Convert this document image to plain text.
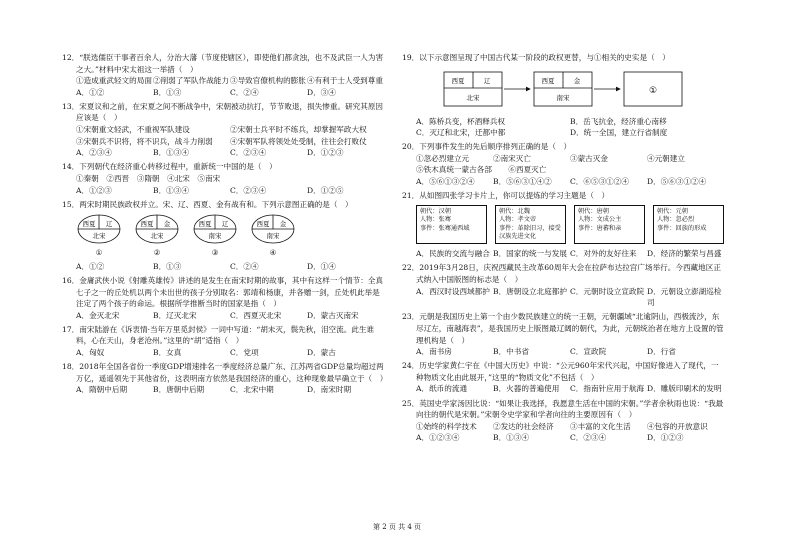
12．“朕选儒臣干事者百余人，分治大藩（节度使辖区），即使他们都贪浊，也不及武臣一人为害之大。”材料中宋太祖这一举措（　）
①造成重武轻文的局面 ②削弱了军队作战能力 ③导致官僚机构的膨胀 ④有利于士人受到尊重
A．①②	B．①③	C．②④	D．③④
13．宋夏议和之前，在宋夏之间不断战争中，宋朝被动抗打，节节败退，损失惨重。研究其原因应该是（　）
①宋朝重文轻武，不重视军队建设	②宋朝士兵平时不练兵，却掌握军政大权
③宋朝兵不识将，将不识兵，战斗力削弱	④宋朝军队将领处处受制，往往会打败仗
A．②③④	B．①③④	C．②③④	D．①②③
14．下列朝代在经济重心转移过程中，重新统一中国的是（　）
①秦朝　②西晋　③隋朝　④北宋　⑤南宋
A．①②③	B．①③④	C．②③④	D．①②⑤
15．两宋时期民族政权并立。宋、辽、西夏、金有战有和。下列示意图正确的是（　）
西夏 辽
北宋
①
西夏 金
北宋
②
西夏 辽
南宋
③
西夏 金
南宋
④
A．①②	B．①③	C．②④	D．①④
16．金庸武侠小说《射雕英雄传》讲述的是发生在南宋时期的故事，其中有这样一个情节：全真七子之一的丘处机以两个未出世的孩子分别取名：郭靖和杨康，并各赠一剑，丘处机此举是注定了两个孩子的命运。根据所学推断当时的国家是指（　）
A．金灭北宋	B．辽灭北宋	C．西夏灭北宋	D．蒙古灭南宋
17．南宋陆游在《诉衷情·当年万里觅封侯》一词中写道：“胡未灭，鬓先秋，泪空流。此生谁料，心在天山，身老沧州。”这里的“胡”适指（　）
A．匈奴	B．女真	C．党项	D．蒙古
18．2018年全国各省份一季度GDP增速排名一季度经济总量广东、江苏两省GDP总量均超过两万亿，遥遥领先于其他省份，这表明南方依然是我国经济的重心，这种现象最早确立于（　）
A．隋朝中后期	B．唐朝中后期	C．北宋中期	D．南宋时期
19．以下示意图呈现了中国古代某一阶段的政权更替，与①相关的史实是（　）
西夏	辽
北宋
西夏	金
南宋
①
A．陈桥兵变，杯酒释兵权	B．岳飞抗金，经济重心南移
C．灭辽和北宋，迁都中都	D．统一全国，建立行省制度
20．下列事件发生的先后顺序排列正确的是（　）
①忽必烈建立元	②南宋灭亡	③蒙古灭金	④元朝建立
⑤铁木真统一蒙古各部	⑥西夏灭亡
A．⑤⑥①③②④	B．⑤⑥③①④②	C．⑥⑤③①②④	D．⑤⑥③①②④
21．从如图四张学习卡片上，你可以提炼的学习主题是（　）
朝代：汉朝
人物：张骞
事件：张骞通西域
朝代：北魏
人物：孝文帝
事件：革除旧习，接受汉族先进文化
朝代：唐朝
人物：文成公主
事件：唐蕃和亲
朝代：元朝
人物：忽必烈
事件：回族的形成
A．民族的交流与融合 B．国家的统一与发展 C．对外的友好往来	D．经济的繁荣与昌盛
22．2019年3月28日，庆祝西藏民主改革60周年大会在拉萨布达拉宫广场举行。今西藏地区正式纳入中国版图的标志是（　）
A．西汉时设西域都护 B．唐朝设立北庭都护 C．元朝时设立宣政院 D．元朝设立澎湖巡检司
23．元朝是我国历史上第一个由少数民族建立的统一王朝，元朝疆域“北逾阴山，西极流沙，东尽辽左，南越海表”，是我国历史上版图最辽阔的朝代，为此，元朝统治者在地方上设置的管理机构是（　）
A．南书房	B．中书省	C．宣政院	D．行省
24．历史学家黄仁宇在《中国大历史》中说：“公元960年宋代兴起，中国好像进入了现代，一种物质文化由此展开，”这里的“物质文化”不包括（　）
A．纸币的流通	B．火器的普遍使用	C．指南针应用于航海 D．雕版印刷术的发明
25．英国史学家汤因比说：“如果让我选择，我愿意生活在中国的宋朝。”学者余秋雨也说：“我最向往的朝代是宋朝。”宋朝令史学家和学者向往的主要原因有（　）
①始终的科学技术	②发达的社会经济	③丰富的文化生活	④包容的开放意识
A．①②③④	B．①③④	C．②③④	D．①②③
第 2 页 共 4 页
